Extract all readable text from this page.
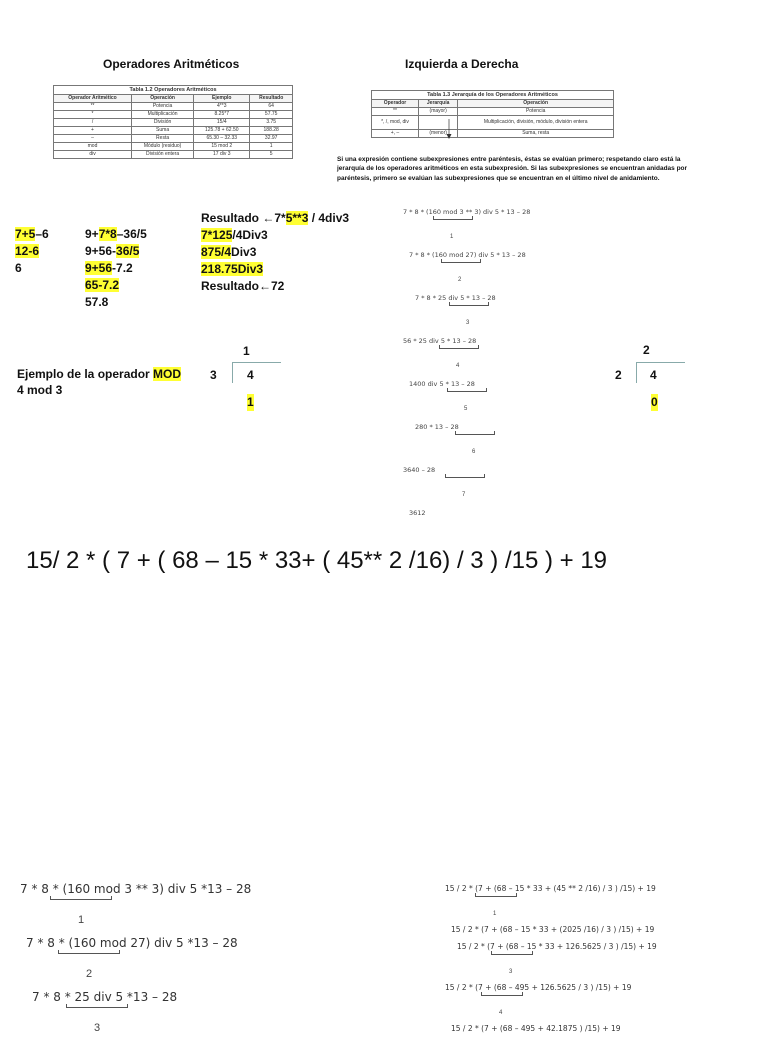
Operadores Aritméticos	Izquierda a Derecha
Tabla 1.2 Operadores Aritméticos
Operador Aritmético	Operación	Ejemplo	Resultado
**	Potencia	4**3	64
*	Multiplicación	8.25*7	57.75
/	División	15/4	3.75
+	Suma	125.78 + 62.50	188.28
–	Resta	65.30 – 32.33	32.97
mod	Módulo (residuo)	15 mod 2	1
div	División entera	17 div 3	5
Tabla 1.3 Jerarquía de los Operadores Aritméticos
Operador	Jerarquía	Operación
**	(mayor)	Potencia
*, /, mod, div		Multiplicación, división, módulo, división entera
+, –	(menor)	Suma, resta
Si una expresión contiene subexpresiones entre paréntesis, éstas se evalúan primero; respetando claro está la jerarquía de los operadores aritméticos en esta subexpresión. Si las subexpresiones se encuentran anidadas por paréntesis, primero se evalúan las subexpresiones que se encuentran en el último nivel de anidamiento.
7+5–6
12-6
6
9+7*8–36/5
9+56-36/5
9+56-7.2
65-7.2
57.8
Resultado ←7*5**3 / 4div3
7*125/4Div3
875/4Div3
218.75Div3
Resultado←72
Ejemplo de la operador MOD
4 mod 3
1
3	4
1
2
2 4
0
7 * 8 * (160 mod 3 ** 3) div 5 * 13 – 28
1
7 * 8 * (160 mod 27) div 5 * 13 – 28
2
7 * 8 * 25 div 5 * 13 – 28
3
56 * 25 div 5 * 13 – 28
4
1400 div 5 * 13 – 28
5
280 * 13 – 28
6
3640 – 28
7
3612
15/ 2 * ( 7 + ( 68 – 15 * 33+ ( 45** 2 /16) / 3 ) /15 ) + 19
7 * 8 * (160 mod 3 ** 3) div 5 *13 – 28
1
7 * 8 * (160 mod 27) div 5 *13 – 28
2
7 * 8 * 25 div 5 *13 – 28
3
15 / 2 * (7 + (68 – 15 * 33 + (45 ** 2 /16) / 3 ) /15) + 19
1
15 / 2 * (7 + (68 – 15 * 33 + (2025 /16) / 3 ) /15) + 19
15 / 2 * (7 + (68 – 15 * 33 + 126.5625 / 3 ) /15) + 19
3
15 / 2 * (7 + (68 – 495 + 126.5625 / 3 ) /15) + 19
4
15 / 2 * (7 + (68 – 495 + 42.1875 ) /15) + 19
